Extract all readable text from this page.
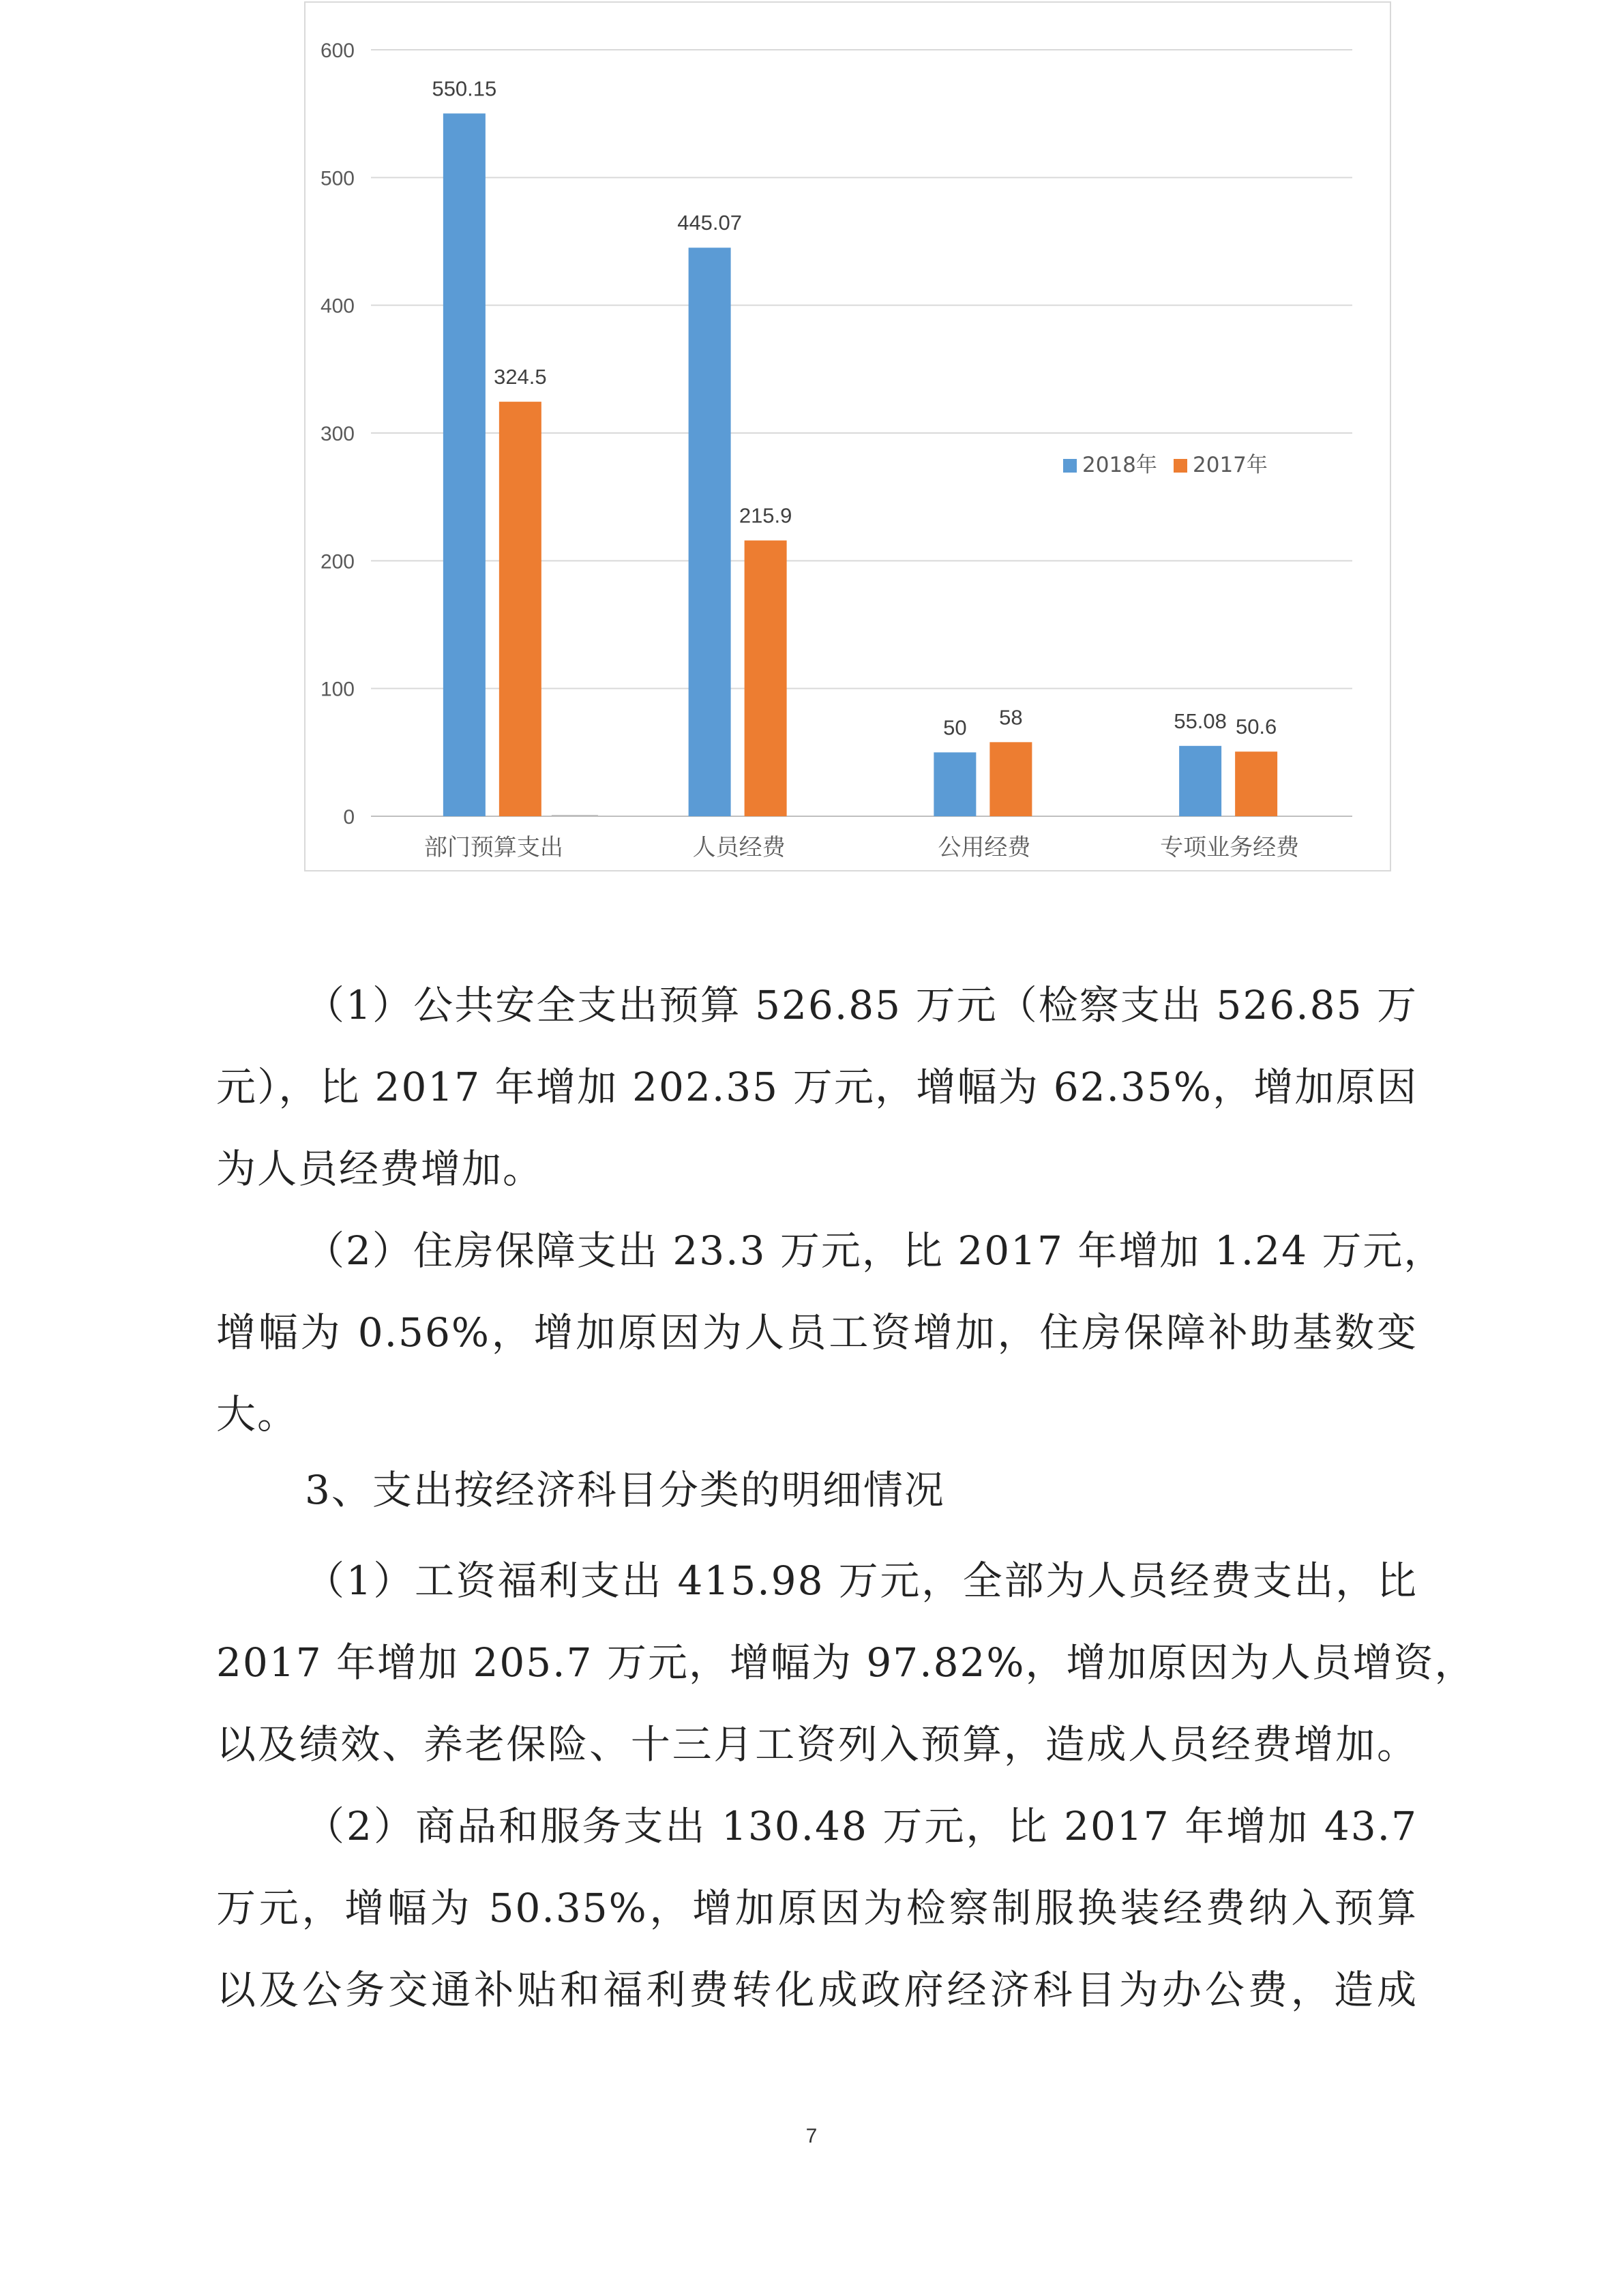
0
100
200
300
400
500
600
550.15
445.07
50	55.08
324.5
215.9
58	50.6
部门预算支出	人员经费	公用经费	专项业务经费
2018年 2017年
（1）公共安全支出预算 526.85 万元（检察支出 526.85 万
元），比 2017 年增加 202.35 万元，增幅为 62.35%，增加原因
为人员经费增加。
（2）住房保障支出 23.3 万元，比 2017 年增加 1.24 万元，
增幅为 0.56%，增加原因为人员工资增加，住房保障补助基数变
大。
3、支出按经济科目分类的明细情况
（1）工资福利支出 415.98 万元，全部为人员经费支出，比
2017 年增加 205.7 万元，增幅为 97.82%，增加原因为人员增资，
以及绩效、养老保险、十三月工资列入预算，造成人员经费增加。
（2）商品和服务支出 130.48 万元，比 2017 年增加 43.7
万元，增幅为 50.35%，增加原因为检察制服换装经费纳入预算
以及公务交通补贴和福利费转化成政府经济科目为办公费，造成
7
